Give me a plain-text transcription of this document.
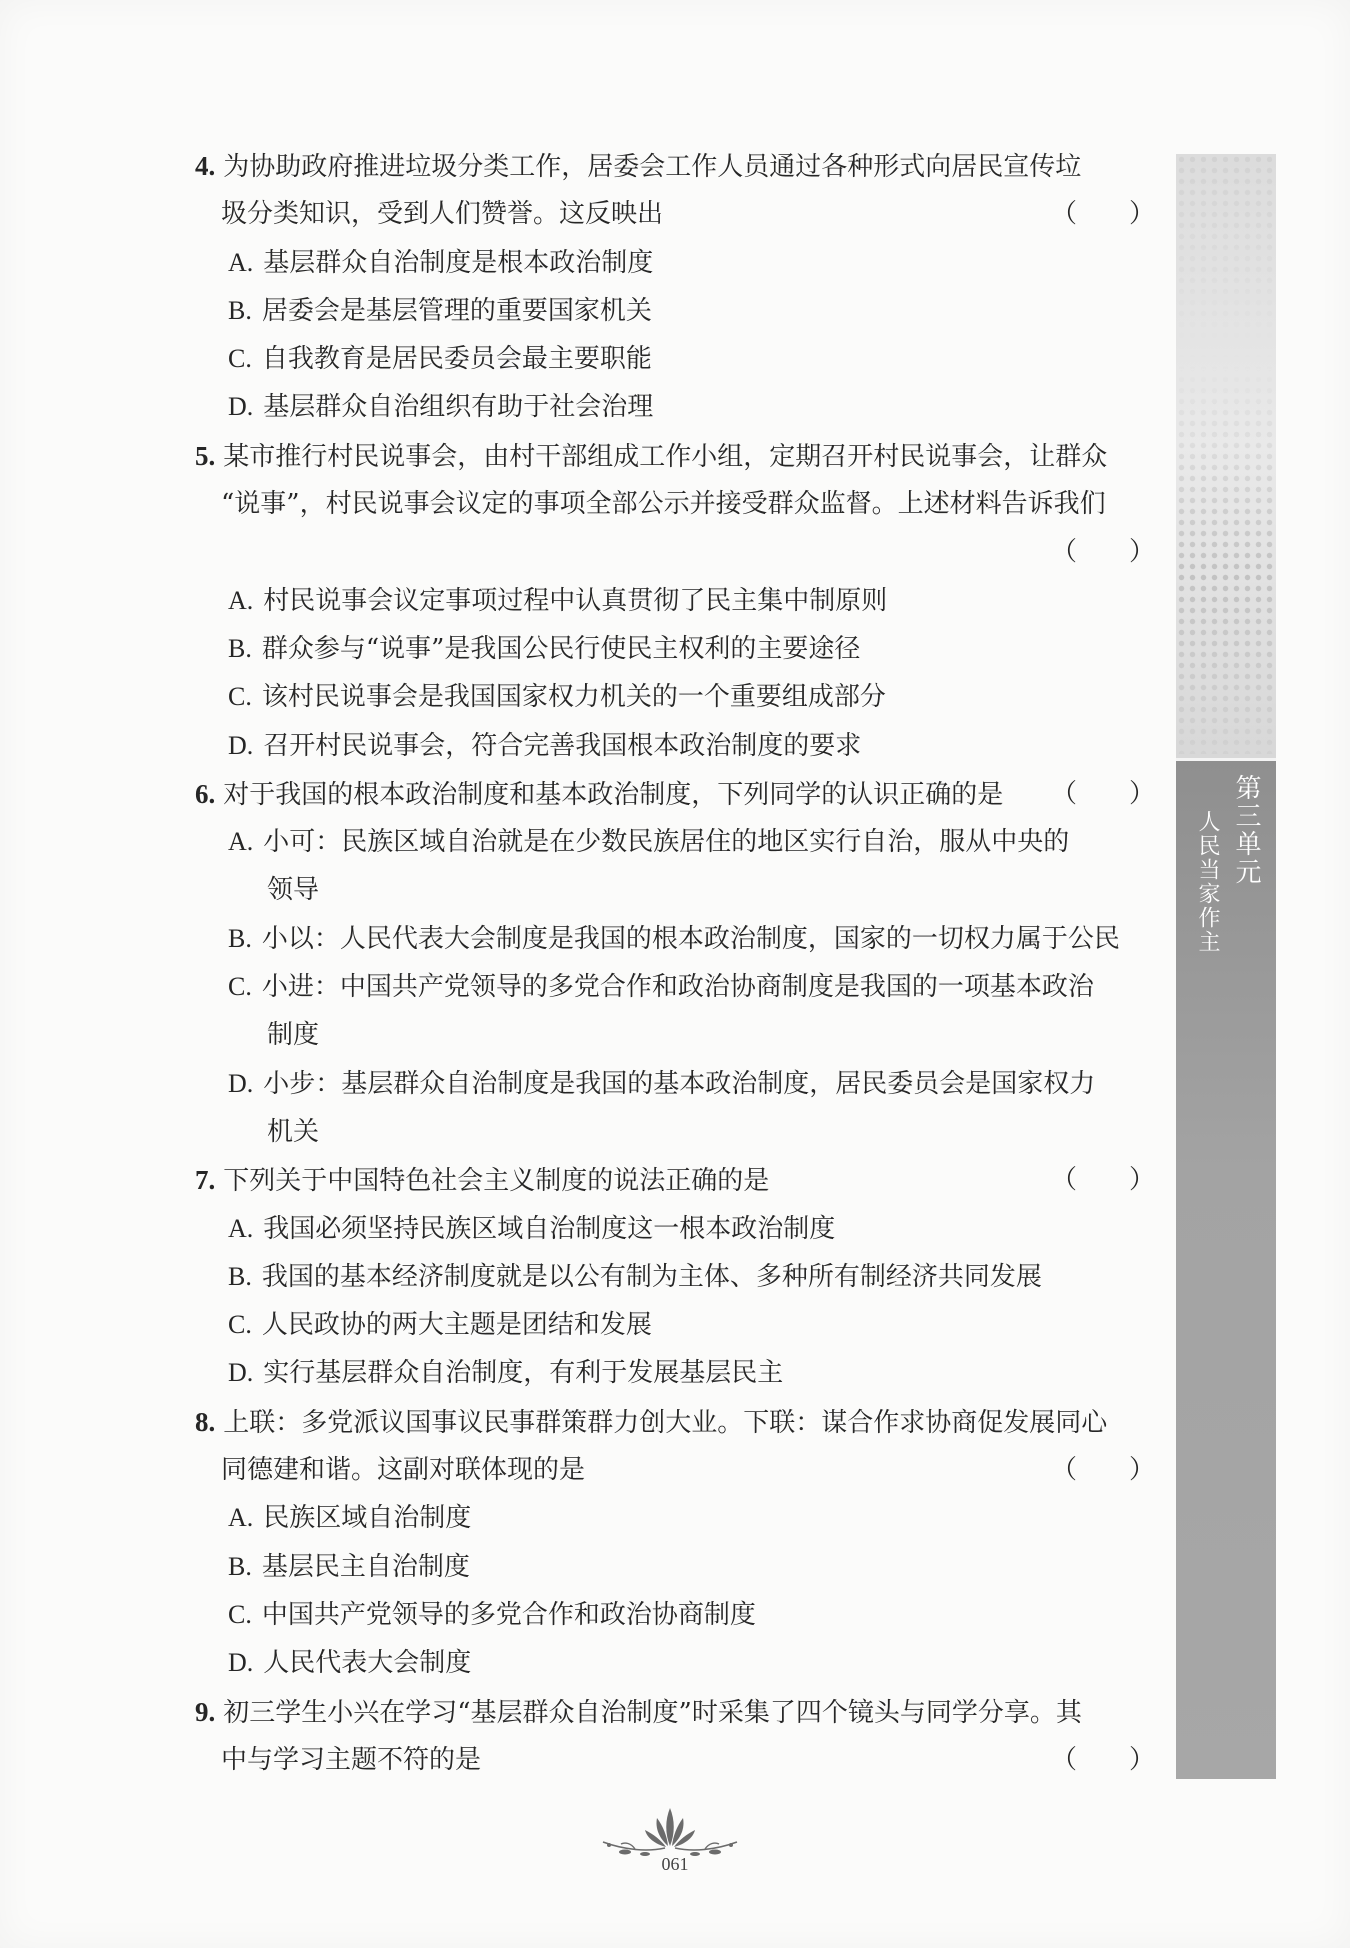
4. 为协助政府推进垃圾分类工作，居委会工作人员通过各种形式向居民宣传垃
圾分类知识，受到人们赞誉。这反映出	（　　）
A. 基层群众自治制度是根本政治制度
B. 居委会是基层管理的重要国家机关
C. 自我教育是居民委员会最主要职能
D. 基层群众自治组织有助于社会治理
5. 某市推行村民说事会，由村干部组成工作小组，定期召开村民说事会，让群众
“说事”，村民说事会议定的事项全部公示并接受群众监督。上述材料告诉我们
（　　）
A. 村民说事会议定事项过程中认真贯彻了民主集中制原则
B. 群众参与“说事”是我国公民行使民主权利的主要途径
C. 该村民说事会是我国国家权力机关的一个重要组成部分
D. 召开村民说事会，符合完善我国根本政治制度的要求
6. 对于我国的根本政治制度和基本政治制度，下列同学的认识正确的是 （　　）
A. 小可：民族区域自治就是在少数民族居住的地区实行自治，服从中央的
领导
B. 小以：人民代表大会制度是我国的根本政治制度，国家的一切权力属于公民
C. 小进：中国共产党领导的多党合作和政治协商制度是我国的一项基本政治
制度
D. 小步：基层群众自治制度是我国的基本政治制度，居民委员会是国家权力
机关
7. 下列关于中国特色社会主义制度的说法正确的是	（　　）
A. 我国必须坚持民族区域自治制度这一根本政治制度
B. 我国的基本经济制度就是以公有制为主体、多种所有制经济共同发展
C. 人民政协的两大主题是团结和发展
D. 实行基层群众自治制度，有利于发展基层民主
8. 上联：多党派议国事议民事群策群力创大业。下联：谋合作求协商促发展同心
同德建和谐。这副对联体现的是	（　　）
A. 民族区域自治制度
B. 基层民主自治制度
C. 中国共产党领导的多党合作和政治协商制度
D. 人民代表大会制度
9. 初三学生小兴在学习“基层群众自治制度”时采集了四个镜头与同学分享。其
中与学习主题不符的是	（　　）
第三单元
人民当家作主
061
